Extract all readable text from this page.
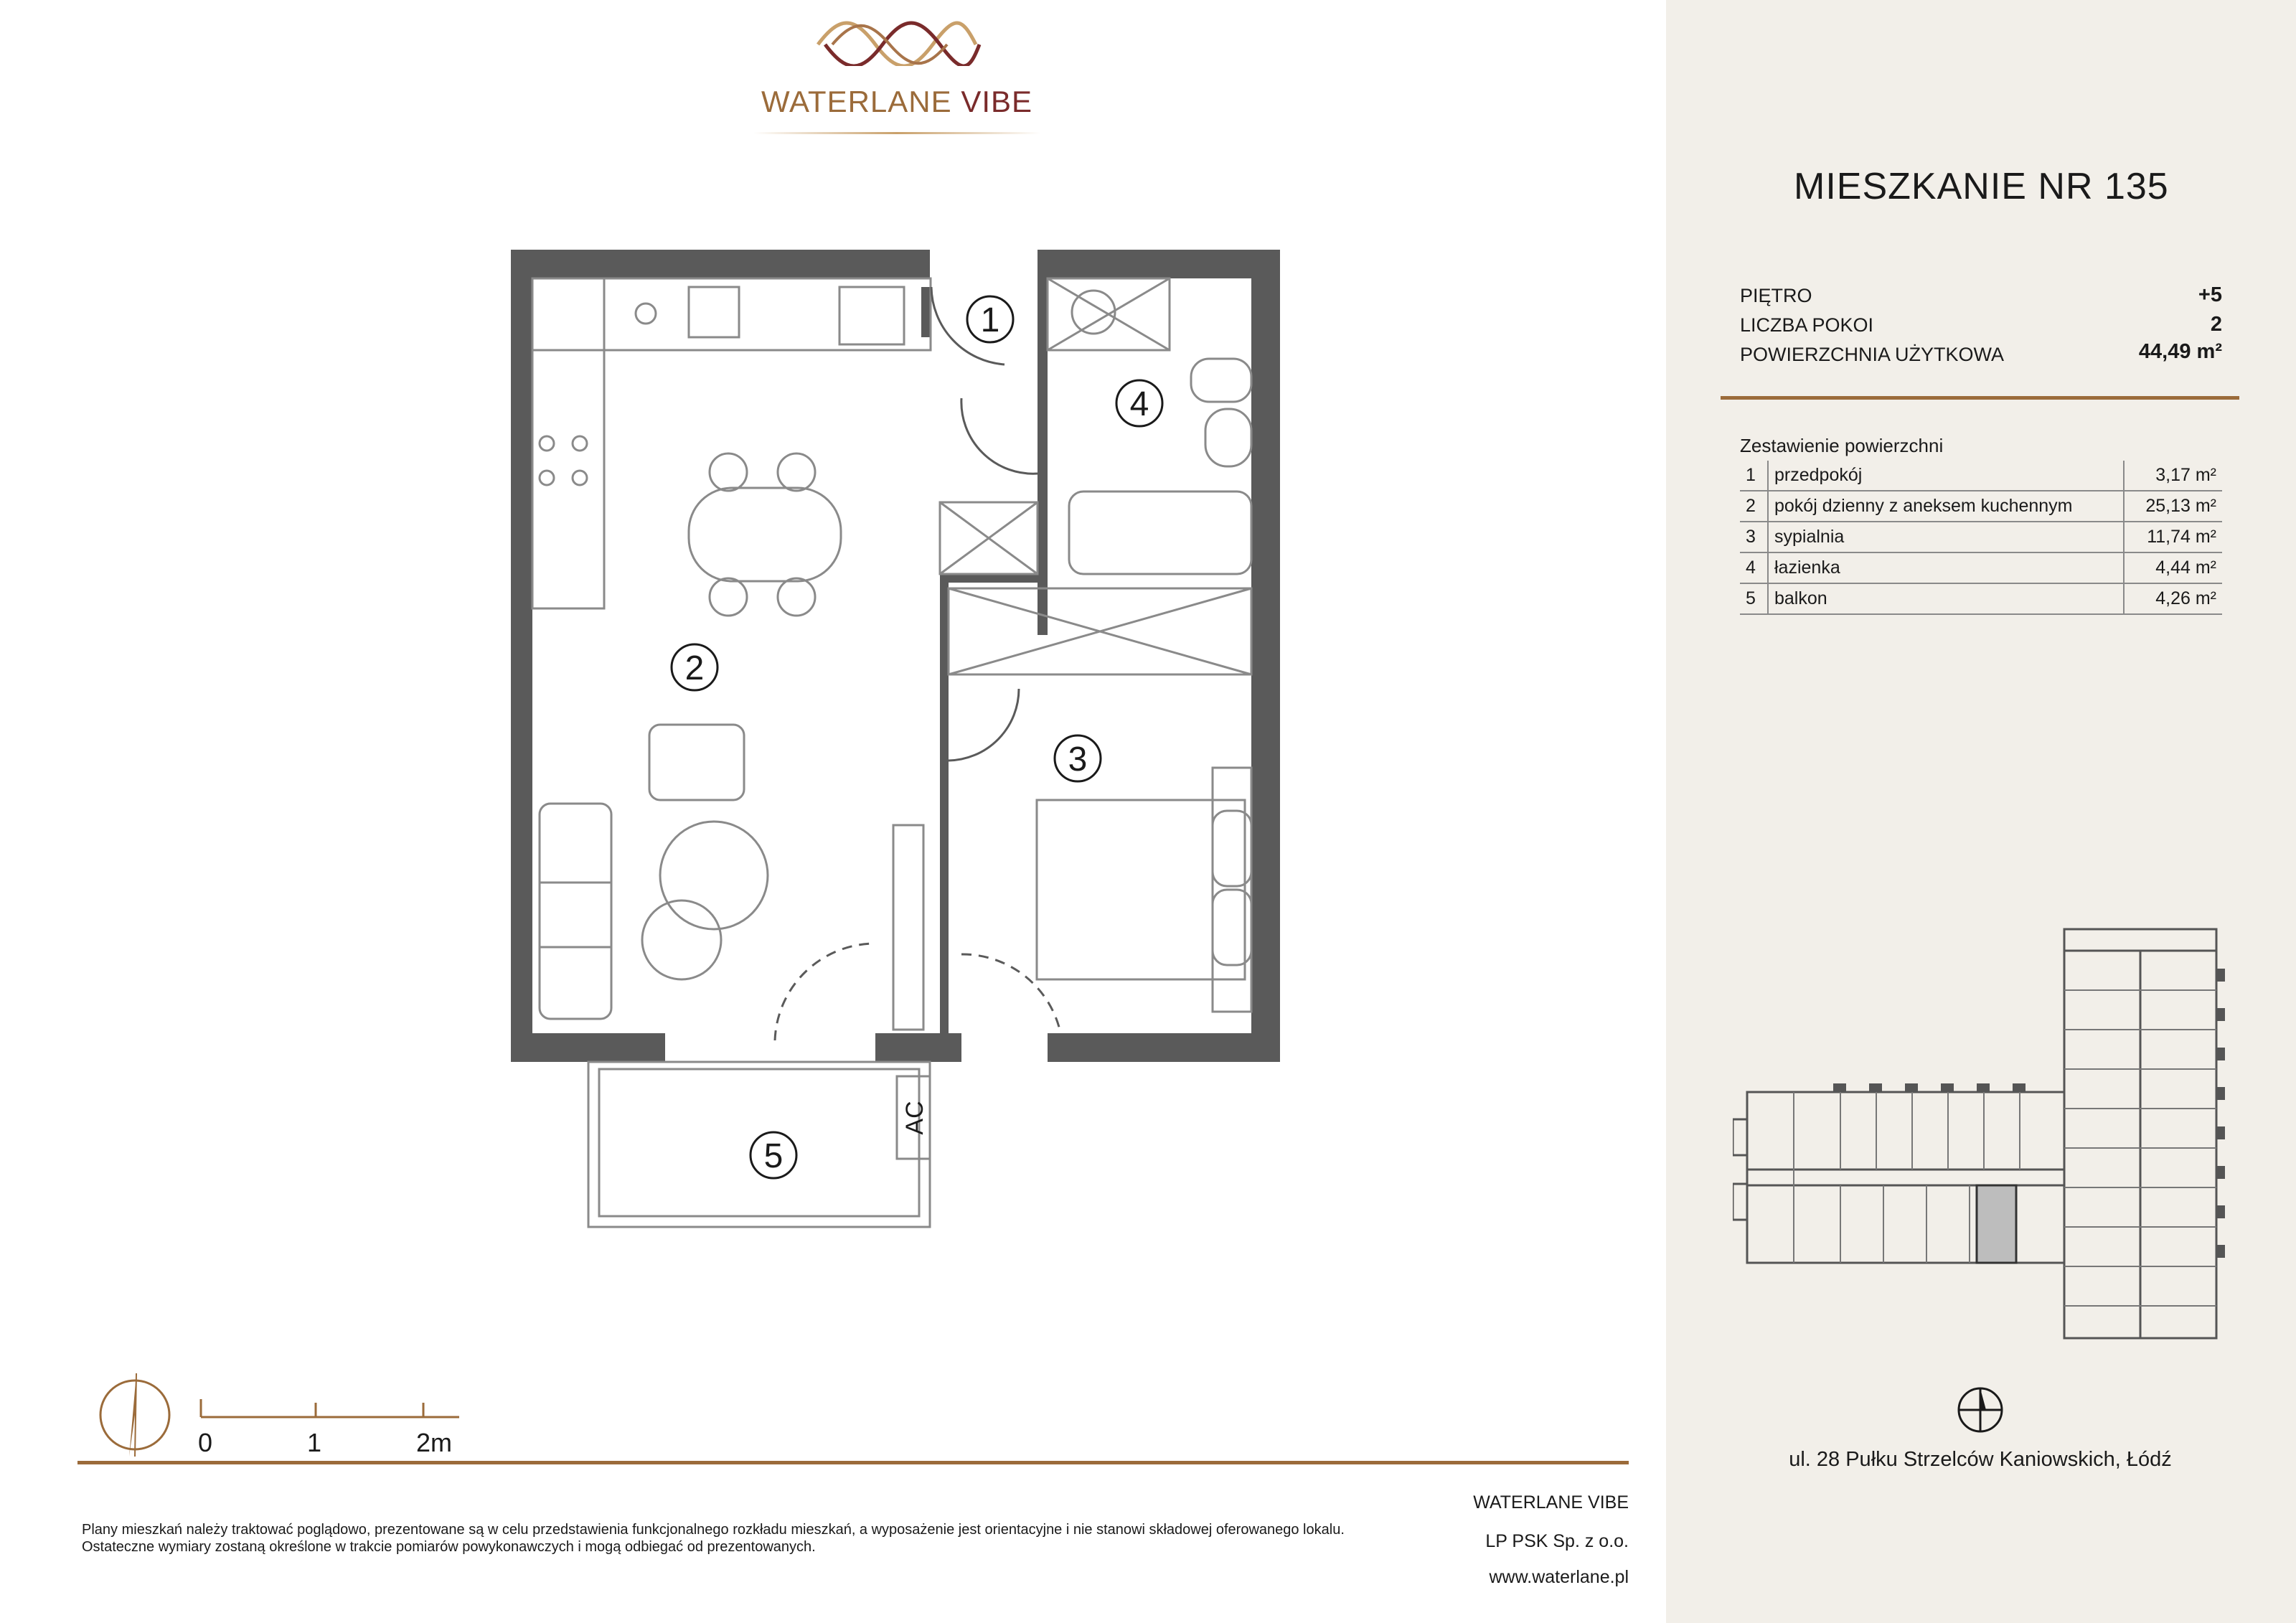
WATERLANE VIBE
1
4
2
3
5
AC
MIESZKANIE NR 135
PIĘTRO	+5
LICZBA POKOI	2
POWIERZCHNIA UŻYTKOWA	44,49 m²
Zestawienie powierzchni
1	przedpokój	3,17 m²
2	pokój dzienny z aneksem kuchennym	25,13 m²
3	sypialnia	11,74 m²
4	łazienka	4,44 m²
5	balkon	4,26 m²
ul. 28 Pułku Strzelców Kaniowskich, Łódź
0	1	2m
Plany mieszkań należy traktować poglądowo, prezentowane są w celu przedstawienia funkcjonalnego rozkładu mieszkań, a wyposażenie jest orientacyjne i nie stanowi składowej oferowanego lokalu.
Ostateczne wymiary zostaną określone w trakcie pomiarów powykonawczych i mogą odbiegać od prezentowanych.
WATERLANE VIBE
LP PSK Sp. z o.o.
www.waterlane.pl
